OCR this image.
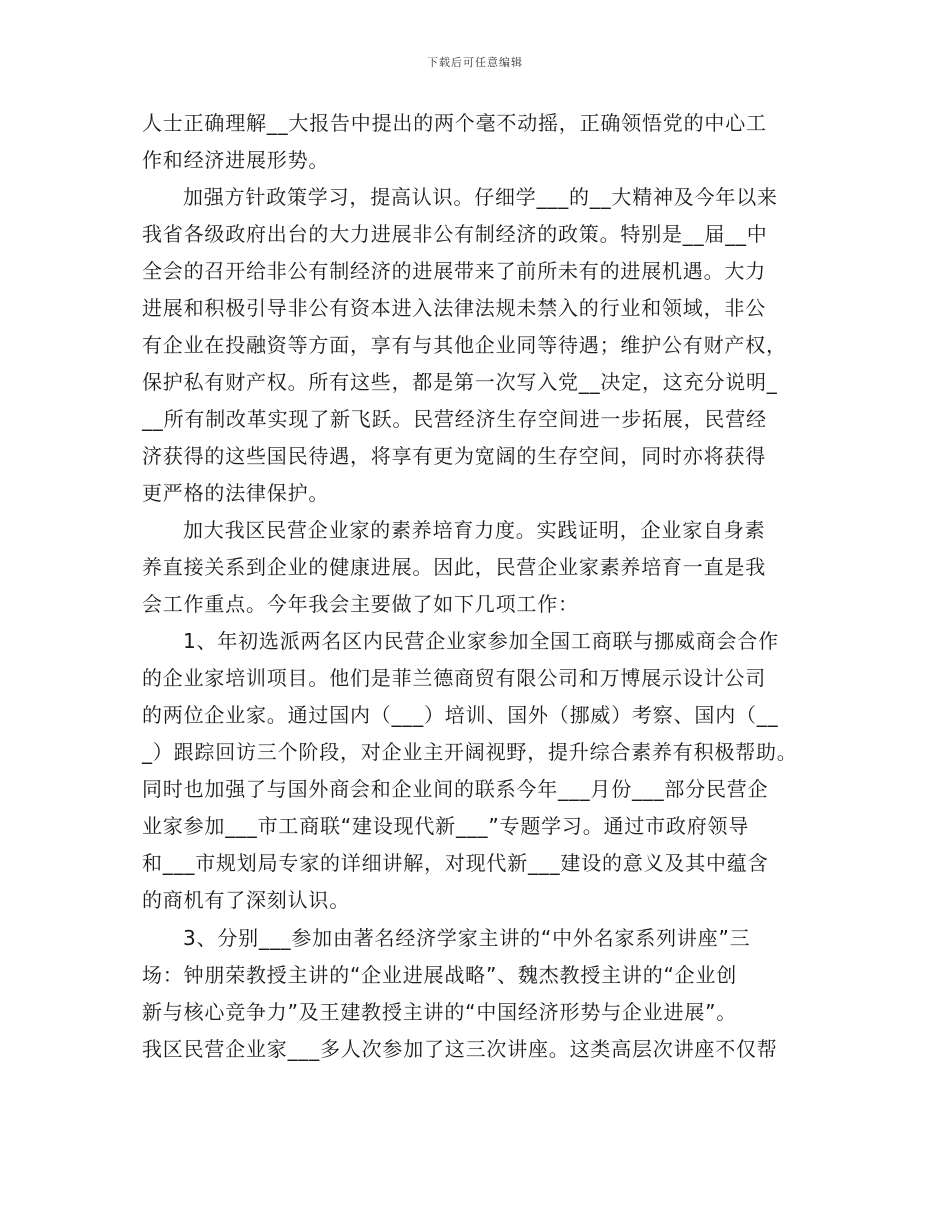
下载后可任意编辑
人士正确理解__大报告中提出的两个毫不动摇，正确领悟党的中心工
作和经济进展形势。
加强方针政策学习，提高认识。仔细学___的__大精神及今年以来
我省各级政府出台的大力进展非公有制经济的政策。特别是__届__中
全会的召开给非公有制经济的进展带来了前所未有的进展机遇。大力
进展和积极引导非公有资本进入法律法规未禁入的行业和领域，非公
有企业在投融资等方面，享有与其他企业同等待遇；维护公有财产权，
保护私有财产权。所有这些，都是第一次写入党__决定，这充分说明_
__所有制改革实现了新飞跃。民营经济生存空间进一步拓展，民营经
济获得的这些国民待遇，将享有更为宽阔的生存空间，同时亦将获得
更严格的法律保护。
加大我区民营企业家的素养培育力度。实践证明，企业家自身素
养直接关系到企业的健康进展。因此，民营企业家素养培育一直是我
会工作重点。今年我会主要做了如下几项工作：
1、年初选派两名区内民营企业家参加全国工商联与挪威商会合作
的企业家培训项目。他们是菲兰德商贸有限公司和万博展示设计公司
的两位企业家。通过国内（___）培训、国外（挪威）考察、国内（__
_）跟踪回访三个阶段，对企业主开阔视野，提升综合素养有积极帮助。
同时也加强了与国外商会和企业间的联系今年___月份___部分民营企
业家参加___市工商联“建设现代新___”专题学习。通过市政府领导
和___市规划局专家的详细讲解，对现代新___建设的意义及其中蕴含
的商机有了深刻认识。
3、分别___参加由著名经济学家主讲的“中外名家系列讲座”三
场：钟朋荣教授主讲的“企业进展战略”、魏杰教授主讲的“企业创
新与核心竞争力”及王建教授主讲的“中国经济形势与企业进展”。
我区民营企业家___多人次参加了这三次讲座。这类高层次讲座不仅帮
